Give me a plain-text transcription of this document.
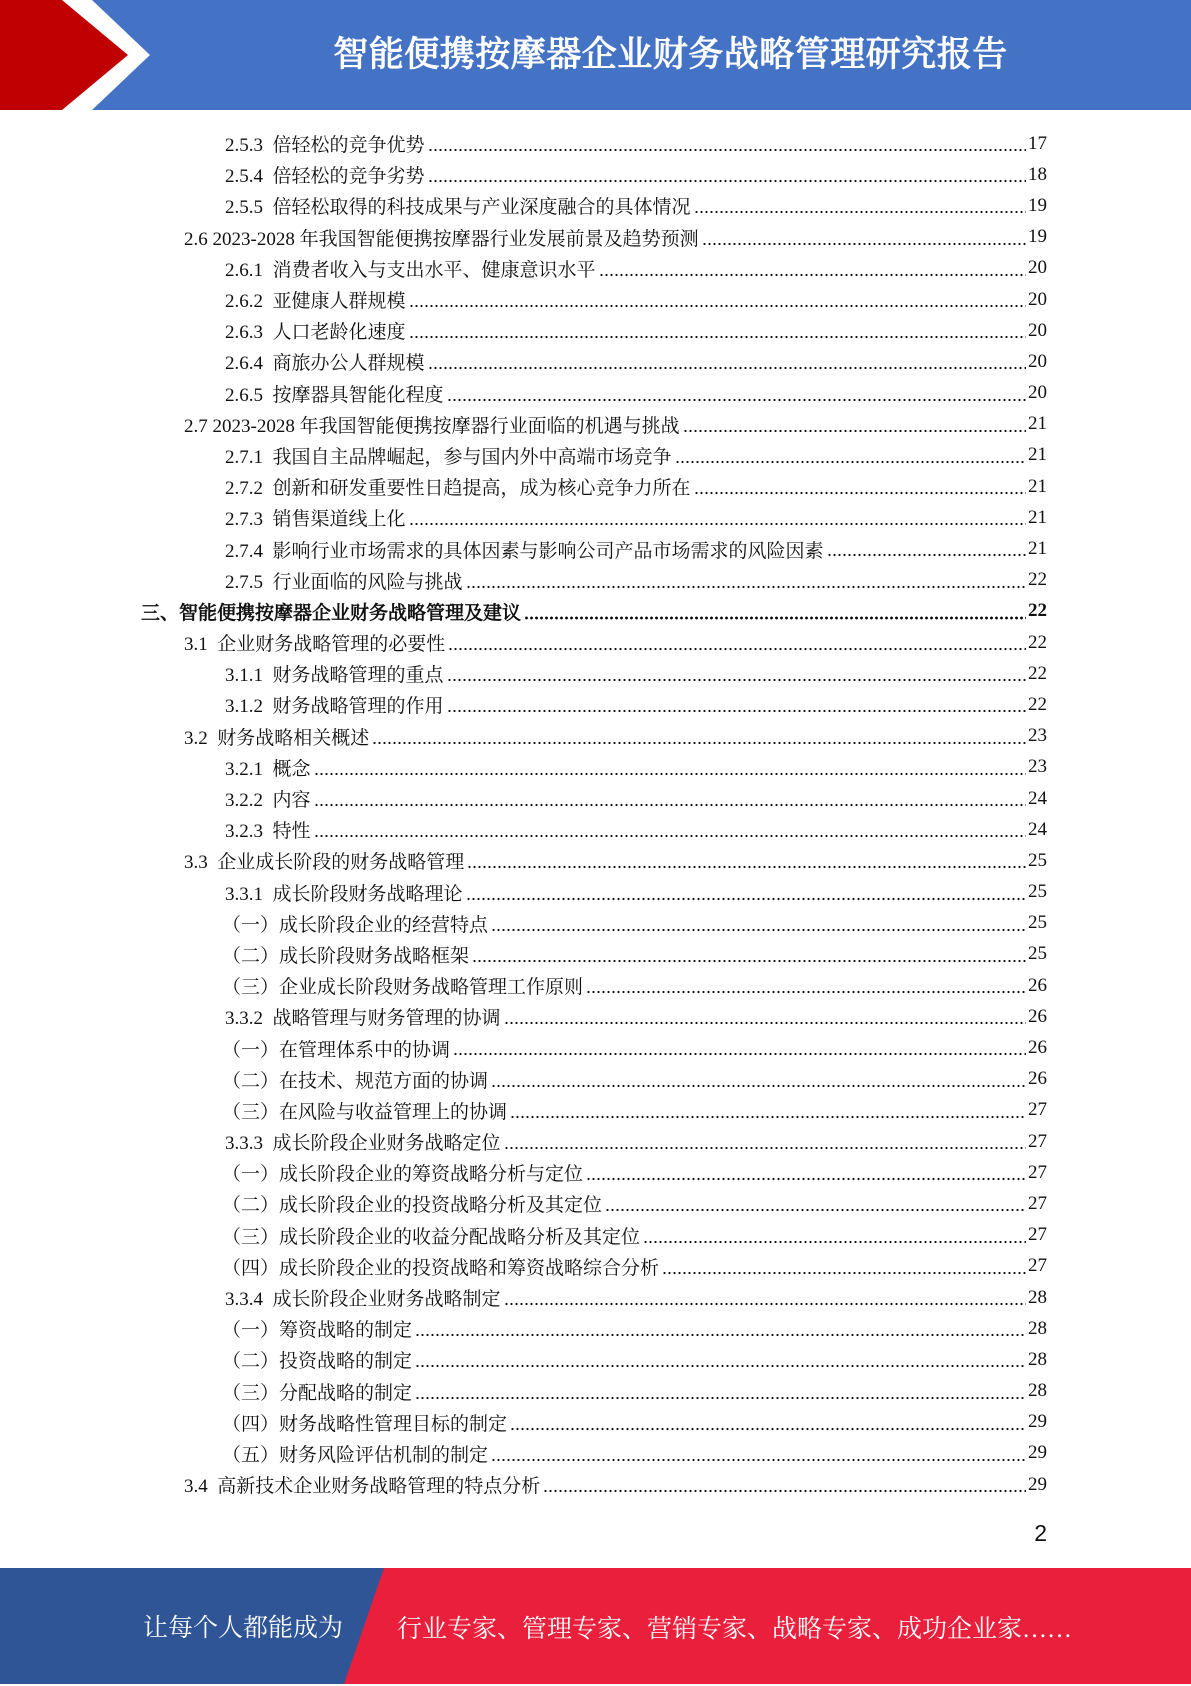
智能便携按摩器企业财务战略管理研究报告
2.5.3  倍轻松的竞争优势	17
2.5.4  倍轻松的竞争劣势	18
2.5.5  倍轻松取得的科技成果与产业深度融合的具体情况	19
2.6 2023-2028 年我国智能便携按摩器行业发展前景及趋势预测	19
2.6.1  消费者收入与支出水平、健康意识水平	20
2.6.2  亚健康人群规模	20
2.6.3  人口老龄化速度	20
2.6.4  商旅办公人群规模	20
2.6.5  按摩器具智能化程度	20
2.7 2023-2028 年我国智能便携按摩器行业面临的机遇与挑战	21
2.7.1  我国自主品牌崛起，参与国内外中高端市场竞争	21
2.7.2  创新和研发重要性日趋提高，成为核心竞争力所在	21
2.7.3  销售渠道线上化	21
2.7.4  影响行业市场需求的具体因素与影响公司产品市场需求的风险因素	21
2.7.5  行业面临的风险与挑战	22
三、智能便携按摩器企业财务战略管理及建议	22
3.1  企业财务战略管理的必要性	22
3.1.1  财务战略管理的重点	22
3.1.2  财务战略管理的作用	22
3.2  财务战略相关概述	23
3.2.1  概念	23
3.2.2  内容	24
3.2.3  特性	24
3.3  企业成长阶段的财务战略管理	25
3.3.1  成长阶段财务战略理论	25
（一）成长阶段企业的经营特点	25
（二）成长阶段财务战略框架	25
（三）企业成长阶段财务战略管理工作原则	26
3.3.2  战略管理与财务管理的协调	26
（一）在管理体系中的协调	26
（二）在技术、规范方面的协调	26
（三）在风险与收益管理上的协调	27
3.3.3  成长阶段企业财务战略定位	27
（一）成长阶段企业的筹资战略分析与定位	27
（二）成长阶段企业的投资战略分析及其定位	27
（三）成长阶段企业的收益分配战略分析及其定位	27
（四）成长阶段企业的投资战略和筹资战略综合分析	27
3.3.4  成长阶段企业财务战略制定	28
（一）筹资战略的制定	28
（二）投资战略的制定	28
（三）分配战略的制定	28
（四）财务战略性管理目标的制定	29
（五）财务风险评估机制的制定	29
3.4  高新技术企业财务战略管理的特点分析	29
2
让每个人都能成为 行业专家、管理专家、营销专家、战略专家、成功企业家……
